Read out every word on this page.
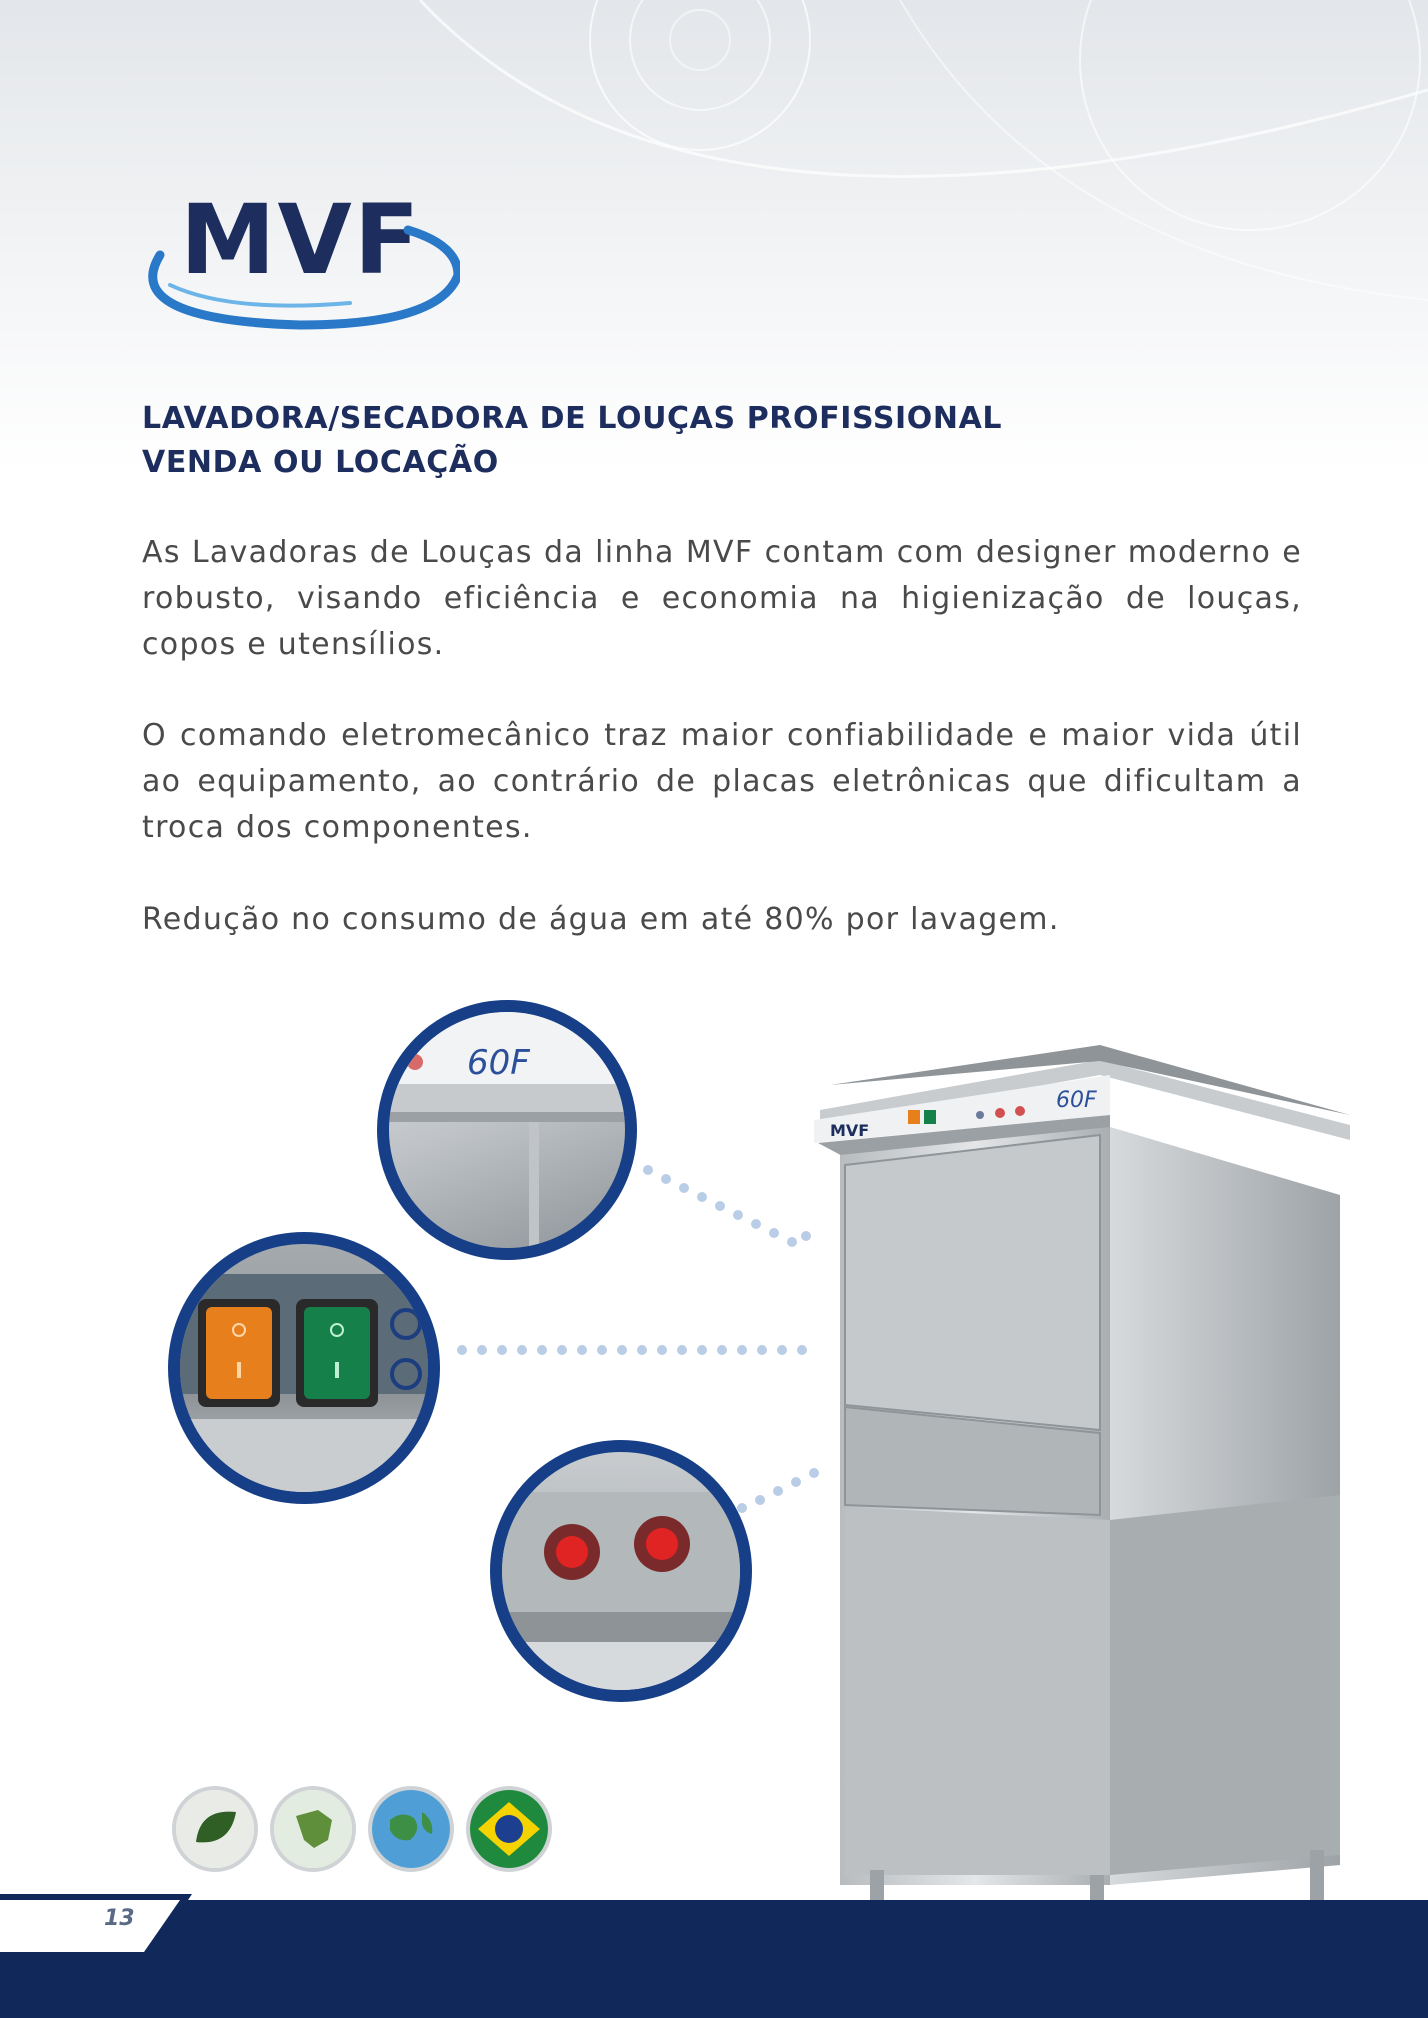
MVF
LAVADORA/SECADORA DE LOUÇAS PROFISSIONAL
VENDA OU LOCAÇÃO

As Lavadoras de Louças da linha MVF contam com designer moderno e robusto, visando eficiência e economia na higienização de louças, copos e utensílios.

O comando eletromecânico traz maior confiabilidade e maior vida útil ao equipamento, ao contrário de placas eletrônicas que dificultam a troca dos componentes.

Redução no consumo de água em até 80% por lavagem.

60F
MVF
60F
13
